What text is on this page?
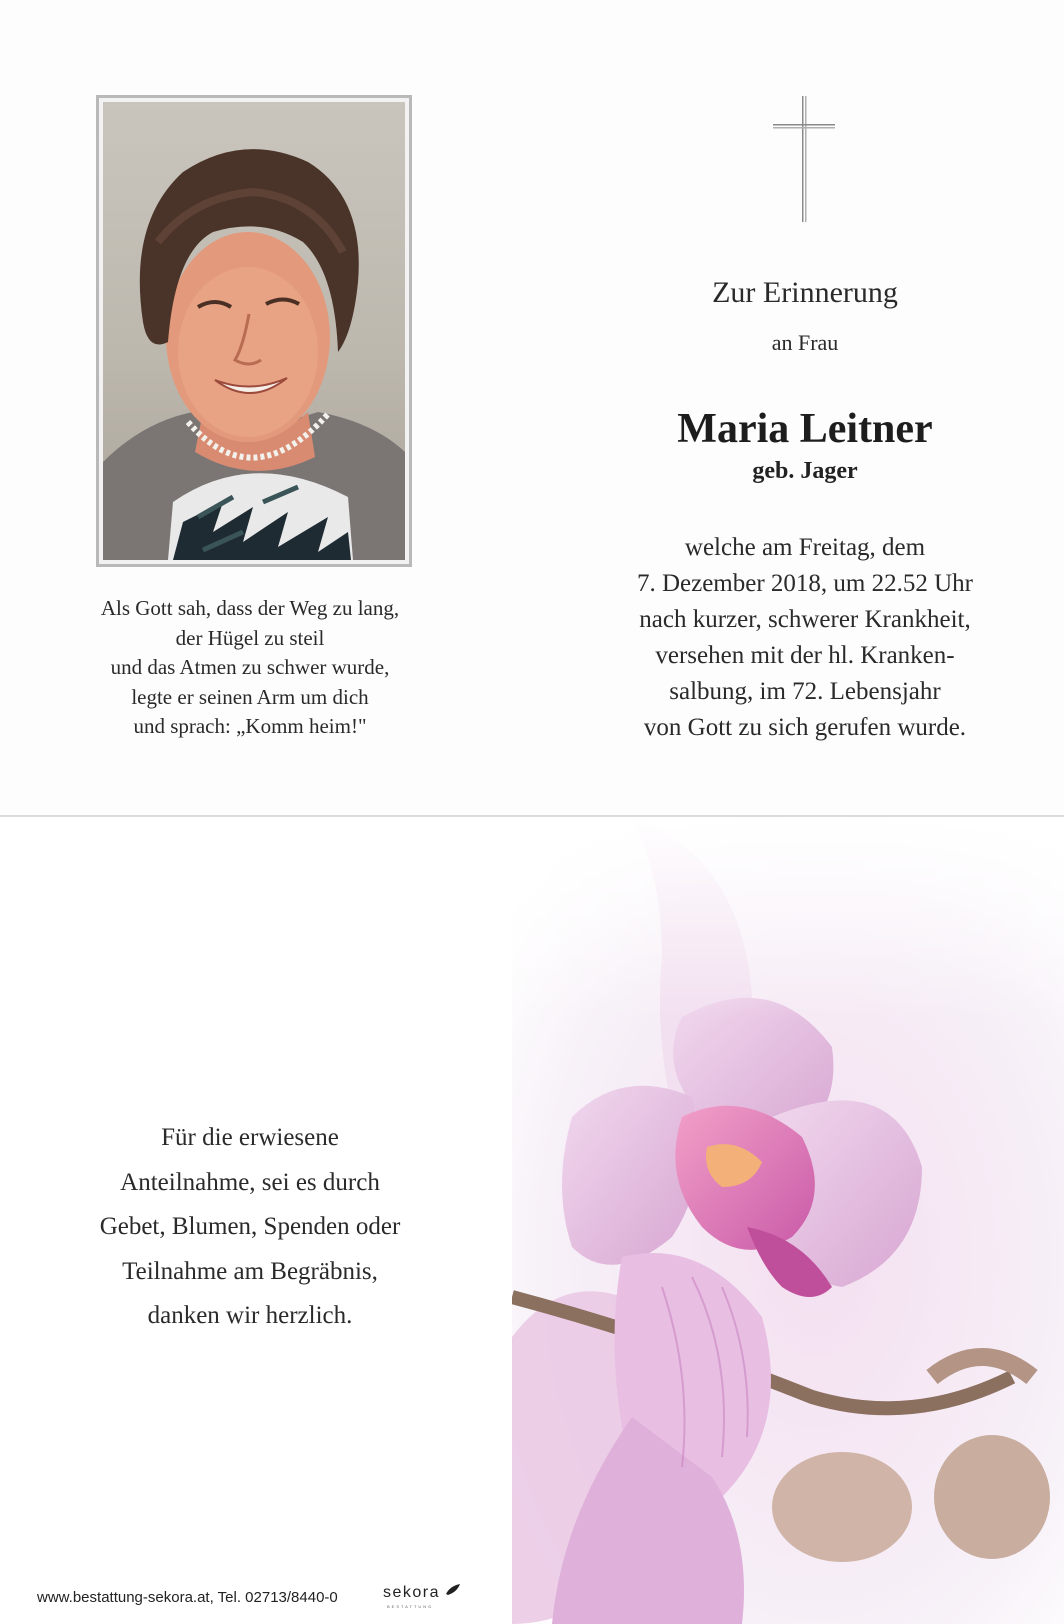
Als Gott sah, dass der Weg zu lang,
der Hügel zu steil
und das Atmen zu schwer wurde,
legte er seinen Arm um dich
und sprach: „Komm heim!"
Zur Erinnerung
an Frau
Maria Leitner
geb. Jager
welche am Freitag, dem
7. Dezember 2018, um 22.52 Uhr
nach kurzer, schwerer Krankheit,
versehen mit der hl. Kranken-
salbung, im 72. Lebensjahr
von Gott zu sich gerufen wurde.
Für die erwiesene
Anteilnahme, sei es durch
Gebet, Blumen, Spenden oder
Teilnahme am Begräbnis,
danken wir herzlich.
www.bestattung-sekora.at, Tel. 02713/8440-0	sekora
BESTATTUNG
